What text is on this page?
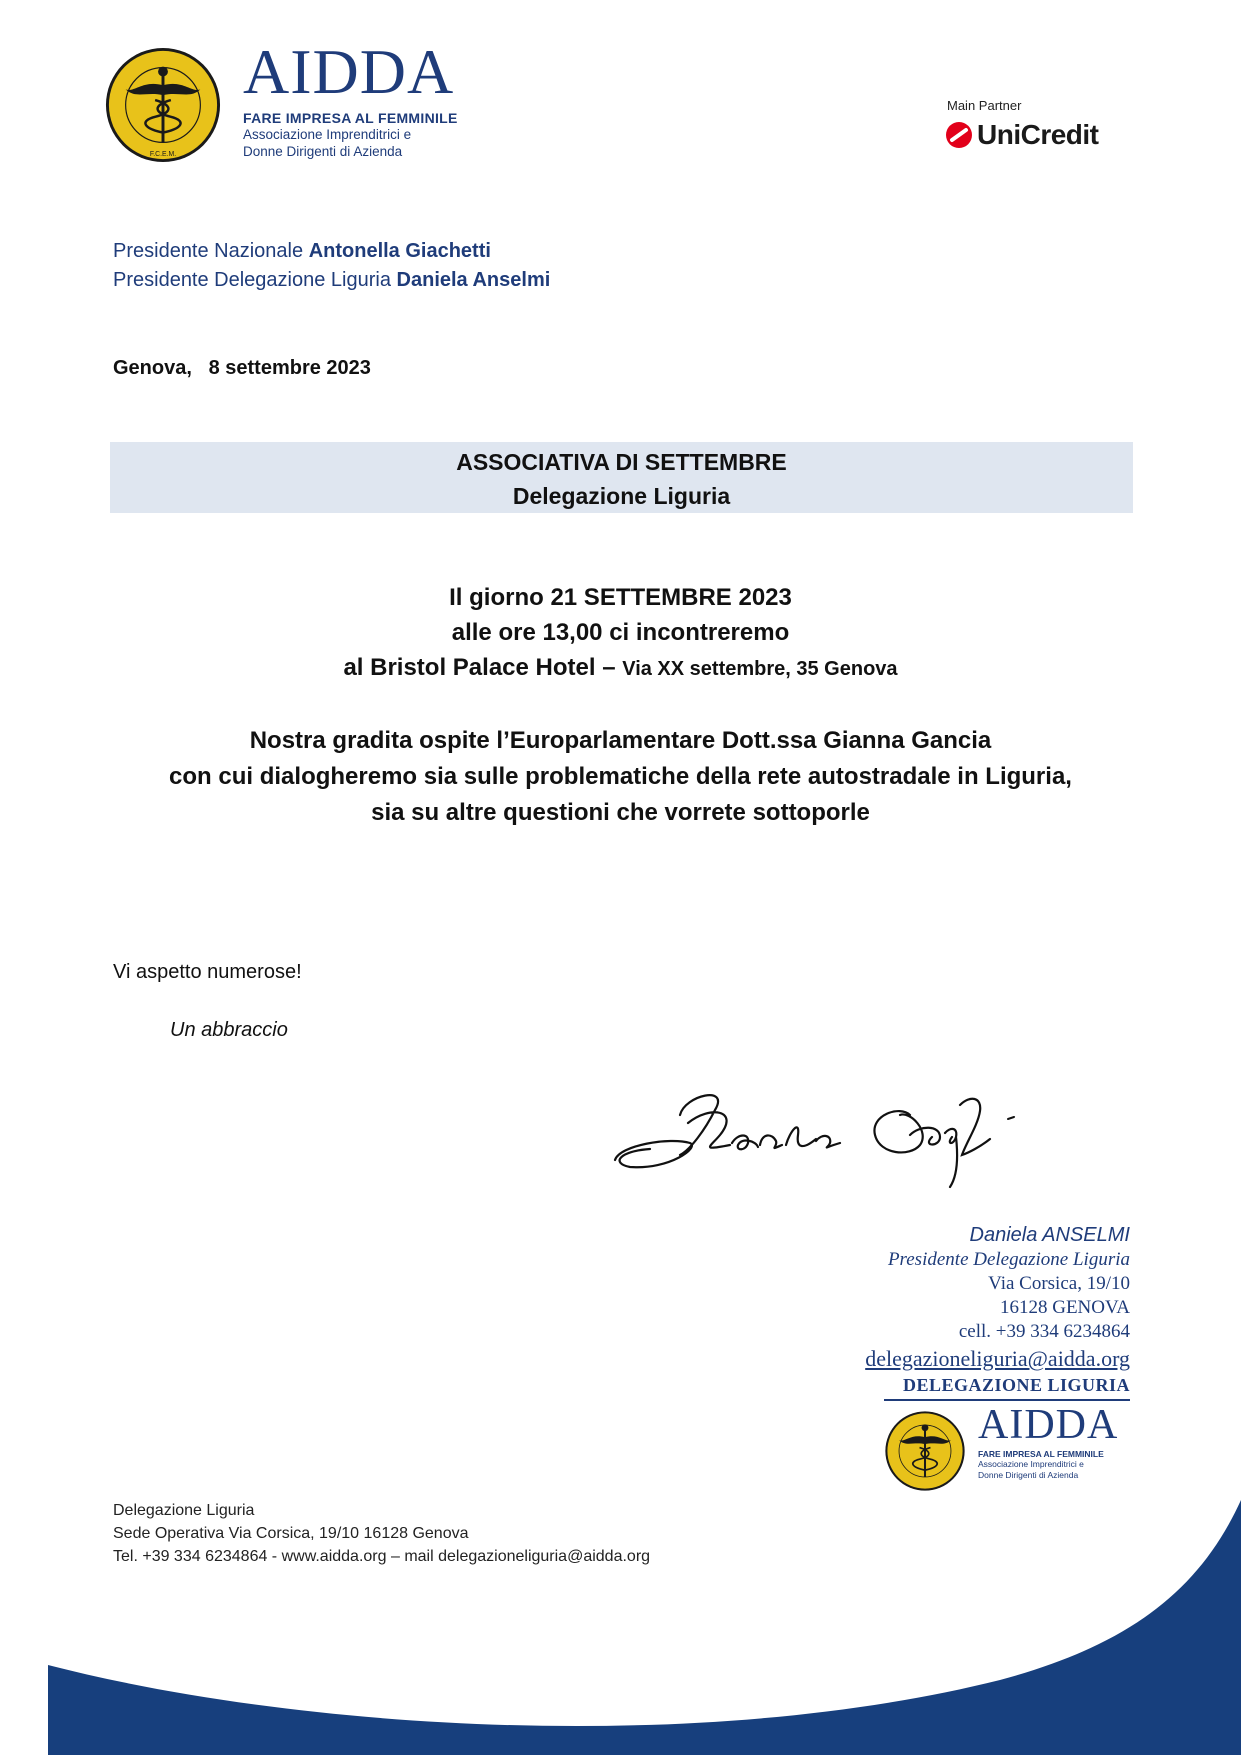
F.C.E.M.
AIDDA
FARE IMPRESA AL FEMMINILE
Associazione Imprenditrici e
Donne Dirigenti di Azienda
Main Partner
UniCredit
Presidente Nazionale Antonella Giachetti
Presidente Delegazione Liguria Daniela Anselmi
Genova,   8 settembre 2023
ASSOCIATIVA DI SETTEMBRE
Delegazione Liguria
Il giorno 21 SETTEMBRE 2023
alle ore 13,00 ci incontreremo
al Bristol Palace Hotel – Via XX settembre, 35 Genova
Nostra gradita ospite l’Europarlamentare Dott.ssa Gianna Gancia
con cui dialogheremo sia sulle problematiche della rete autostradale in Liguria,
sia su altre questioni che vorrete sottoporle
Vi aspetto numerose!
Un abbraccio
Daniela ANSELMI
Presidente Delegazione Liguria
Via Corsica, 19/10
16128 GENOVA
cell. +39 334 6234864
delegazioneliguria@aidda.org
DELEGAZIONE LIGURIA
AIDDA
FARE IMPRESA AL FEMMINILE
Associazione Imprenditrici e
Donne Dirigenti di Azienda
Delegazione Liguria
Sede Operativa Via Corsica, 19/10 16128 Genova
Tel. +39 334 6234864 - www.aidda.org – mail delegazioneliguria@aidda.org
